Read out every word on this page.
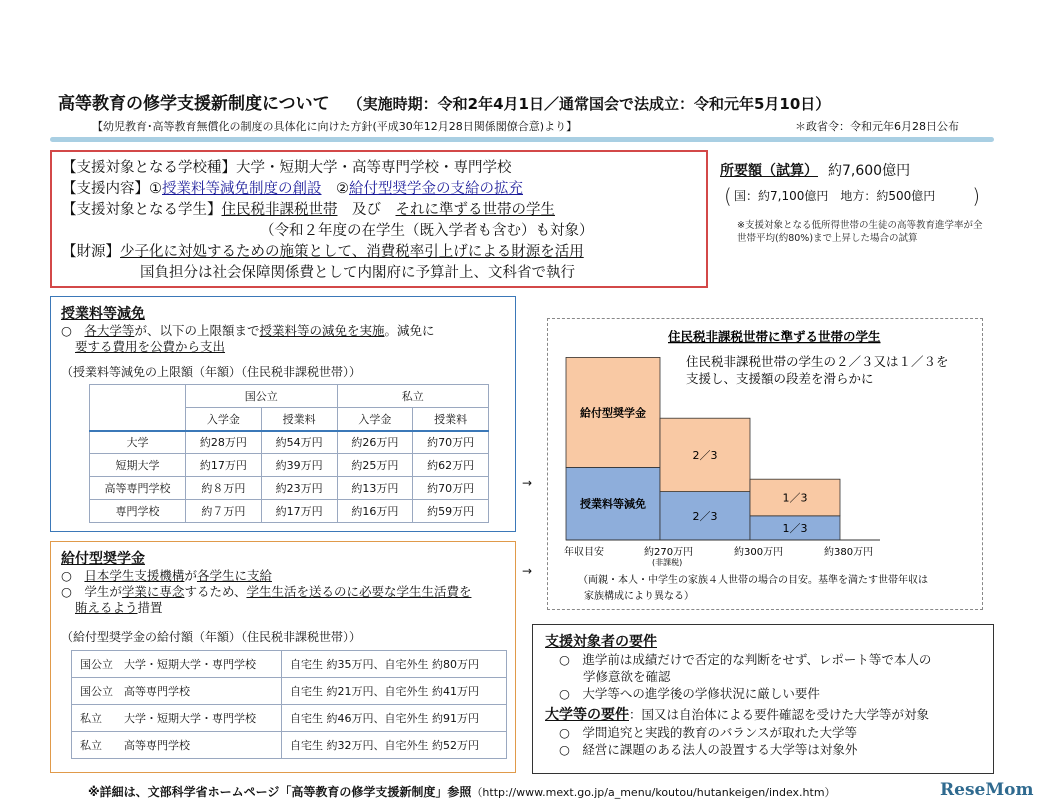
高等教育の修学支援新制度について （実施時期：令和2年4月1日／通常国会で法成立：令和元年5月10日）
【幼児教育･高等教育無償化の制度の具体化に向けた方針(平成30年12月28日関係閣僚合意)より】	＊政省令：令和元年6月28日公布
【支援対象となる学校種】大学・短期大学・高等専門学校・専門学校
【支援内容】①授業料等減免制度の創設　②給付型奨学金の支給の拡充
【支援対象となる学生】住民税非課税世帯　及び　それに準ずる世帯の学生
（令和２年度の在学生（既入学者も含む）も対象）
【財源】少子化に対処するための施策として、消費税率引上げによる財源を活用
国負担分は社会保障関係費として内閣府に予算計上、文科省で執行
所要額（試算） 約7,600億円
( 国：約7,100億円　地方：約500億円 )
※支援対象となる低所得世帯の生徒の高等教育進学率が全世帯平均(約80%)まで上昇した場合の試算
授業料等減免
○　各大学等が、以下の上限額まで授業料等の減免を実施。減免に
要する費用を公費から支出
（授業料等減免の上限額（年額）（住民税非課税世帯））
	国公立		私立	
	入学金	授業料	入学金	授業料
大学	約28万円	約54万円	約26万円	約70万円
短期大学	約17万円	約39万円	約25万円	約62万円
高等専門学校	約８万円	約23万円	約13万円	約70万円
専門学校	約７万円	約17万円	約16万円	約59万円
給付型奨学金
○　日本学生支援機構が各学生に支給
○　学生が学業に専念するため、学生生活を送るのに必要な学生生活費を
賄えるよう措置
（給付型奨学金の給付額（年額）（住民税非課税世帯））
国公立　大学・短期大学・専門学校	自宅生 約35万円、自宅外生 約80万円
国公立　高等専門学校	自宅生 約21万円、自宅外生 約41万円
私立　　大学・短期大学・専門学校	自宅生 約46万円、自宅外生 約91万円
私立　　高等専門学校	自宅生 約32万円、自宅外生 約52万円
→
→
住民税非課税世帯に準ずる世帯の学生
住民税非課税世帯の学生の２／３又は１／３を
支援し、支援額の段差を滑らかに
給付型奨学金
授業料等減免
2／3
2／3
1／3
1／3
年収目安	約270万円
(非課税)
約300万円	約380万円
（両親・本人・中学生の家族４人世帯の場合の目安。基準を満たす世帯年収は
家族構成により異なる）
支援対象者の要件
○　進学前は成績だけで否定的な判断をせず、レポート等で本人の
学修意欲を確認
○　大学等への進学後の学修状況に厳しい要件
大学等の要件：国又は自治体による要件確認を受けた大学等が対象
○　学問追究と実践的教育のバランスが取れた大学等
○　経営に課題のある法人の設置する大学等は対象外
※詳細は、文部科学省ホームページ「高等教育の修学支援新制度」参照（http://www.mext.go.jp/a_menu/koutou/hutankeigen/index.htm）	ReseMom
